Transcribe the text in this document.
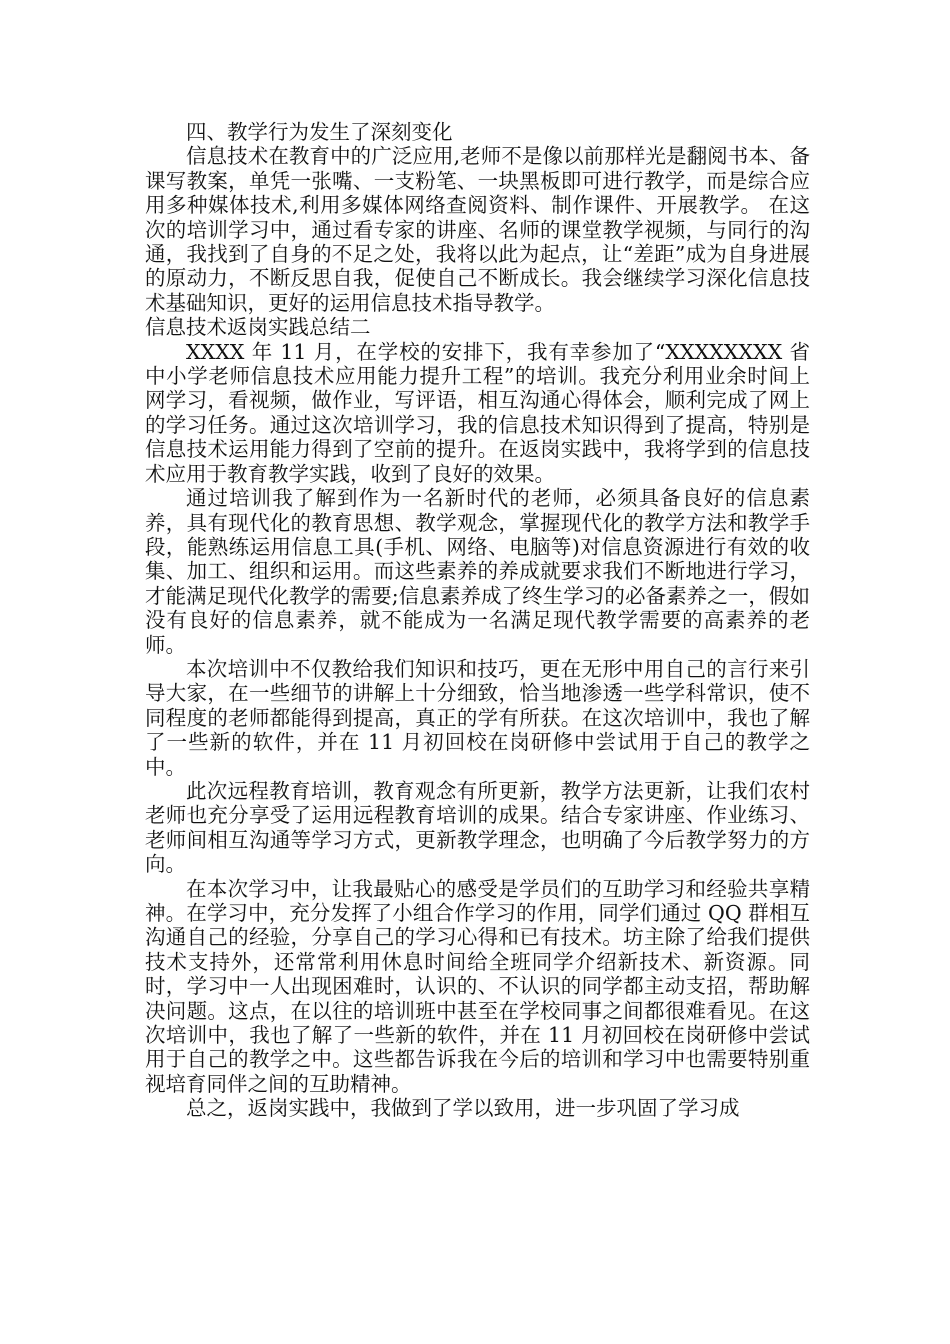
四、教学行为发生了深刻变化

信息技术在教育中的广泛应用,老师不是像以前那样光是翻阅书本、备课写教案，单凭一张嘴、一支粉笔、一块黑板即可进行教学，而是综合应用多种媒体技术,利用多媒体网络查阅资料、制作课件、开展教学。 在这次的培训学习中，通过看专家的讲座、名师的课堂教学视频，与同行的沟通，我找到了自身的不足之处，我将以此为起点，让“差距”成为自身进展的原动力，不断反思自我，促使自己不断成长。我会继续学习深化信息技术基础知识，更好的运用信息技术指导教学。

信息技术返岗实践总结二

XXXX 年 11 月，在学校的安排下，我有幸参加了“XXXXXXXX 省中小学老师信息技术应用能力提升工程”的培训。我充分利用业余时间上网学习，看视频，做作业，写评语，相互沟通心得体会，顺利完成了网上的学习任务。通过这次培训学习，我的信息技术知识得到了提高，特别是信息技术运用能力得到了空前的提升。在返岗实践中，我将学到的信息技术应用于教育教学实践，收到了良好的效果。

通过培训我了解到作为一名新时代的老师，必须具备良好的信息素养，具有现代化的教育思想、教学观念，掌握现代化的教学方法和教学手段，能熟练运用信息工具(手机、网络、电脑等)对信息资源进行有效的收集、加工、组织和运用。而这些素养的养成就要求我们不断地进行学习，才能满足现代化教学的需要;信息素养成了终生学习的必备素养之一，假如没有良好的信息素养，就不能成为一名满足现代教学需要的高素养的老师。

本次培训中不仅教给我们知识和技巧，更在无形中用自己的言行来引导大家，在一些细节的讲解上十分细致，恰当地渗透一些学科常识，使不同程度的老师都能得到提高，真正的学有所获。在这次培训中，我也了解了一些新的软件，并在 11 月初回校在岗研修中尝试用于自己的教学之中。

此次远程教育培训，教育观念有所更新，教学方法更新，让我们农村老师也充分享受了运用远程教育培训的成果。结合专家讲座、作业练习、老师间相互沟通等学习方式，更新教学理念，也明确了今后教学努力的方向。

在本次学习中，让我最贴心的感受是学员们的互助学习和经验共享精神。在学习中，充分发挥了小组合作学习的作用，同学们通过 QQ 群相互沟通自己的经验，分享自己的学习心得和已有技术。坊主除了给我们提供技术支持外，还常常利用休息时间给全班同学介绍新技术、新资源。同时，学习中一人出现困难时，认识的、不认识的同学都主动支招，帮助解决问题。这点，在以往的培训班中甚至在学校同事之间都很难看见。在这次培训中，我也了解了一些新的软件，并在 11 月初回校在岗研修中尝试用于自己的教学之中。这些都告诉我在今后的培训和学习中也需要特别重视培育同伴之间的互助精神。

总之，返岗实践中，我做到了学以致用，进一步巩固了学习成
